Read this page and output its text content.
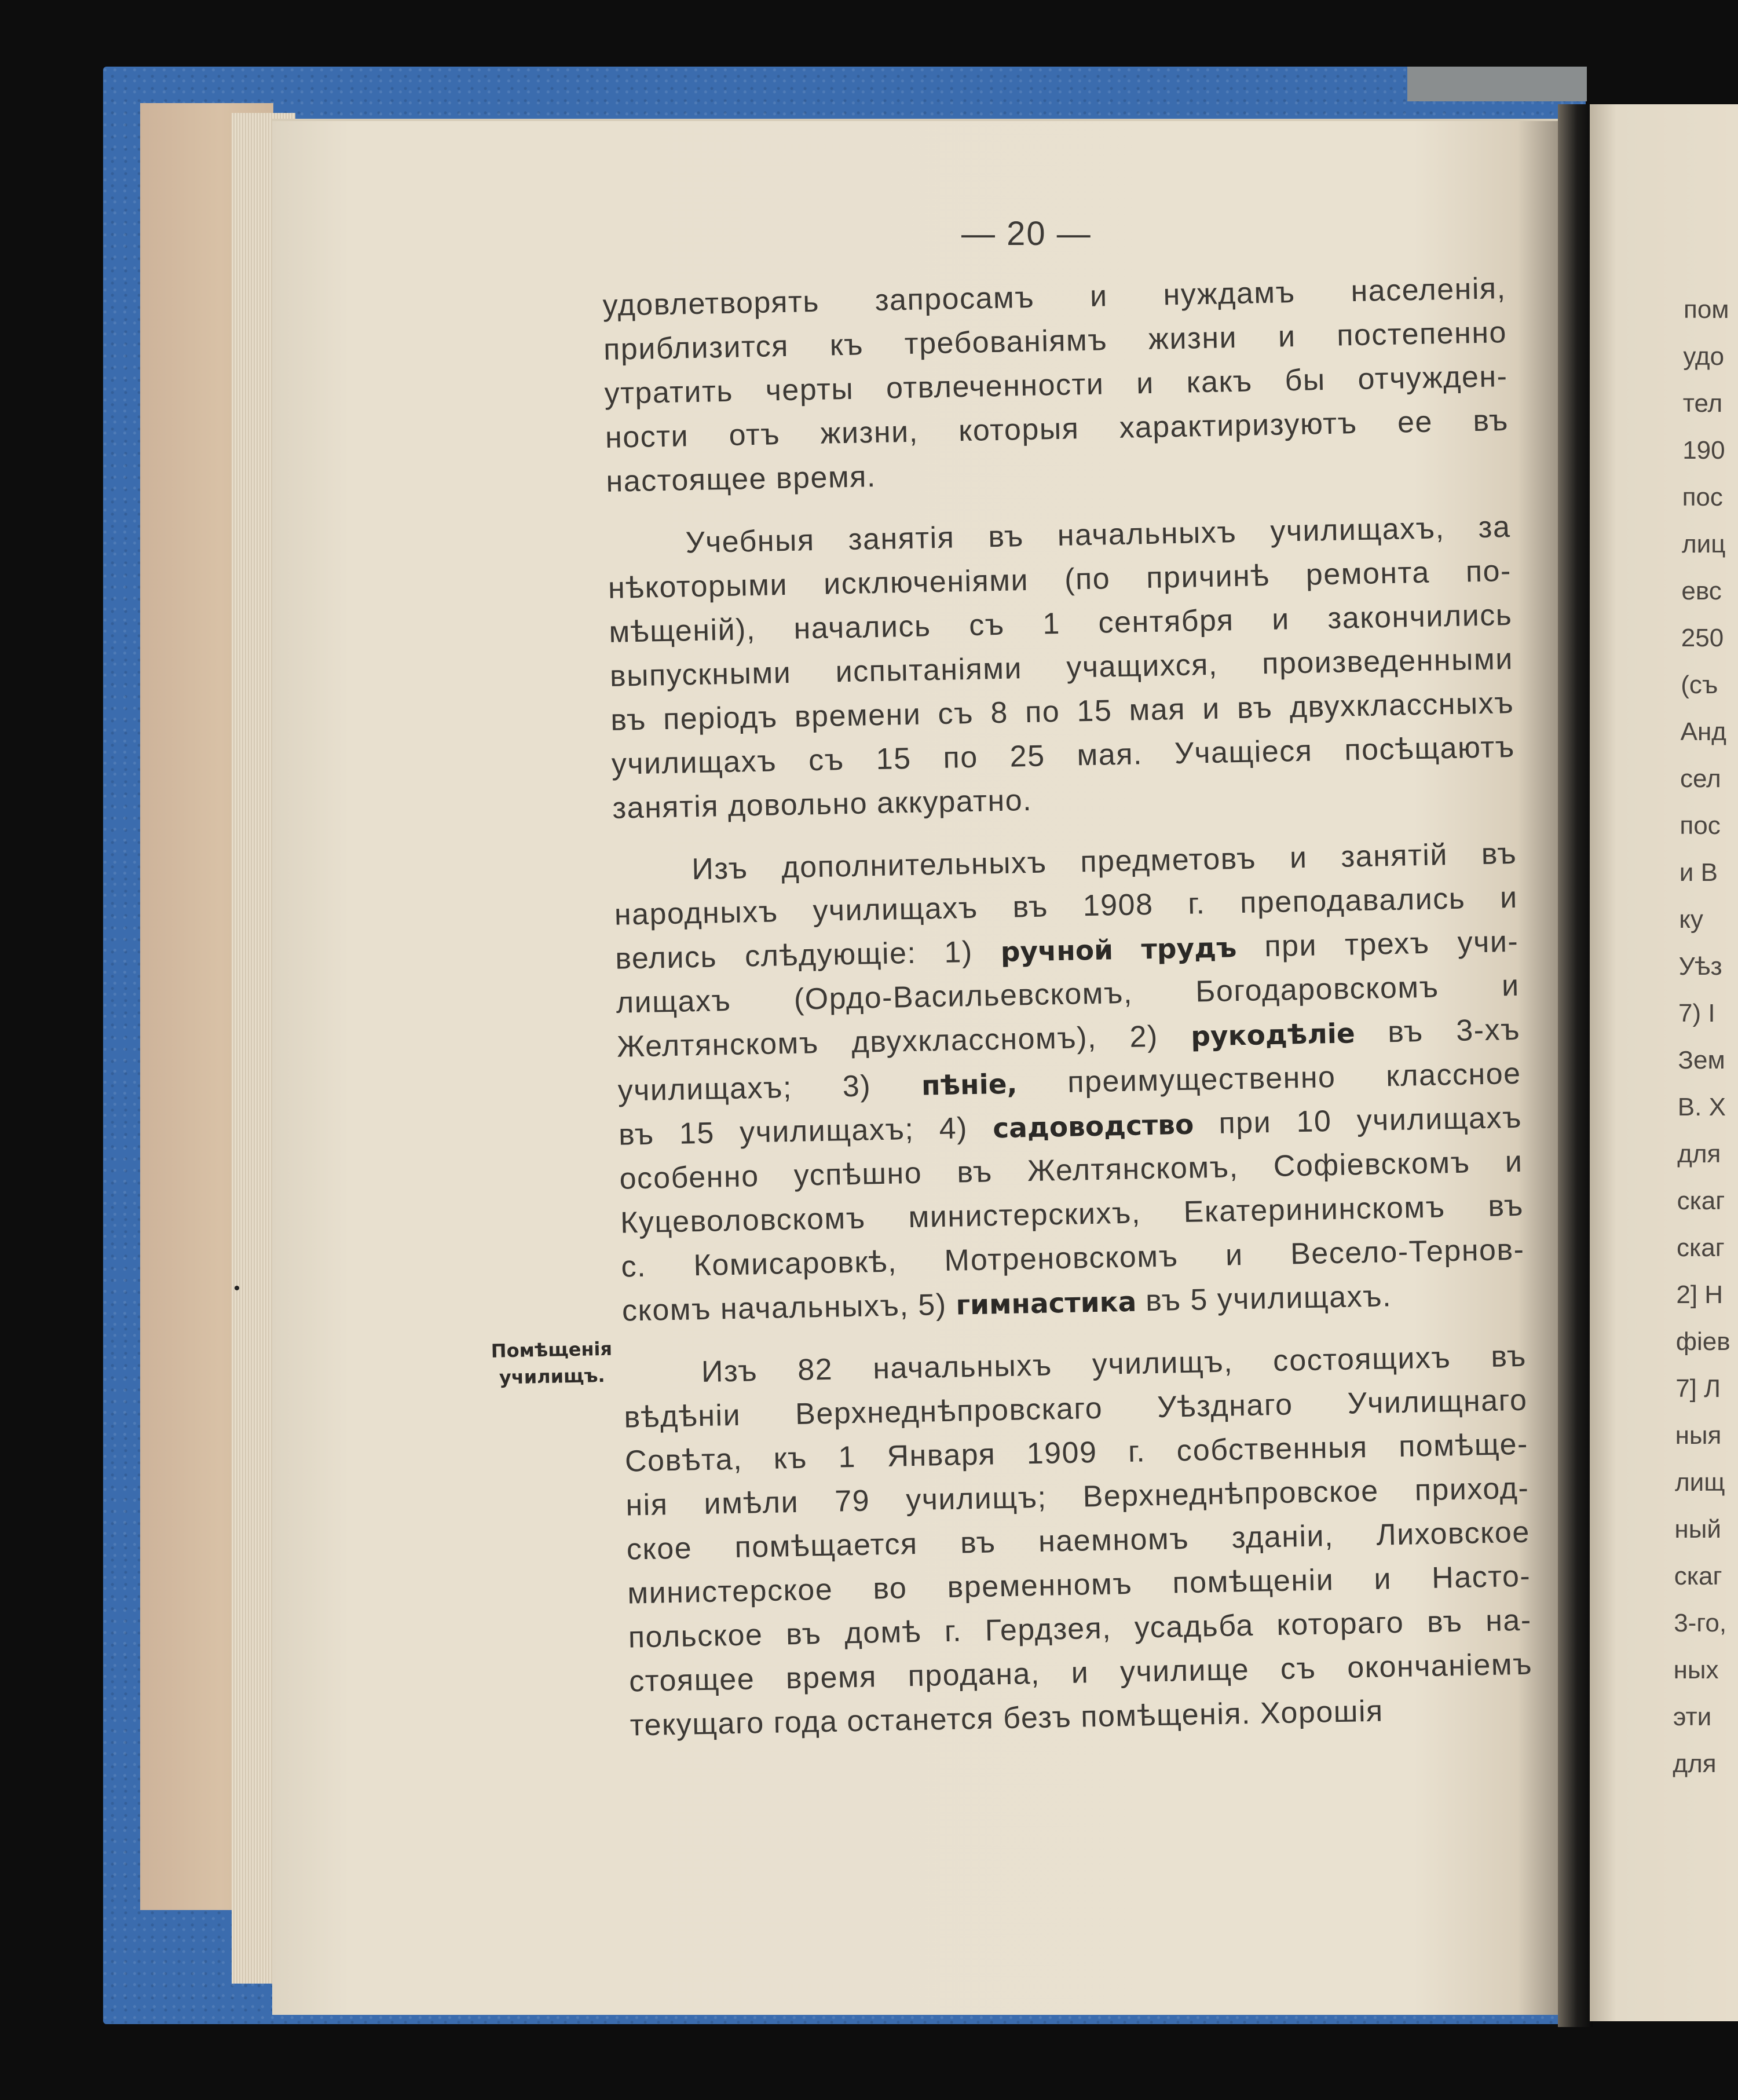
— 20 —
удовлетворять запросамъ и нуждамъ населенія,
приблизится къ требованіямъ жизни и постепенно
утратить черты отвлеченности и какъ бы отчужден-
ности отъ жизни, которыя характиризуютъ ее въ
настоящее время.
Учебныя занятія въ начальныхъ училищахъ, за
нѣкоторыми исключеніями (по причинѣ ремонта по-
мѣщеній), начались съ 1 сентября и закончились
выпускными испытаніями учащихся, произведенными
въ періодъ времени съ 8 по 15 мая и въ двухклассныхъ
училищахъ съ 15 по 25 мая. Учащіеся посѣщаютъ
занятія довольно аккуратно.
Изъ дополнительныхъ предметовъ и занятій въ
народныхъ училищахъ въ 1908 г. преподавались и
велись слѣдующіе: 1) ручной трудъ при трехъ учи-
лищахъ (Ордо-Васильевскомъ, Богодаровскомъ и
Желтянскомъ двухклассномъ), 2) рукодѣліе въ 3-хъ
училищахъ; 3) пѣніе, преимущественно классное
въ 15 училищахъ; 4) садоводство при 10 училищахъ
особенно успѣшно въ Желтянскомъ, Софіевскомъ и
Куцеволовскомъ министерскихъ, Екатерининскомъ въ
с. Комисаровкѣ, Мотреновскомъ и Весело-Тернов-
скомъ начальныхъ, 5) гимнастика въ 5 училищахъ.
Изъ 82 начальныхъ училищъ, состоящихъ въ
вѣдѣніи Верхнеднѣпровскаго Уѣзднаго Училищнаго
Совѣта, къ 1 Января 1909 г. собственныя помѣще-
нія имѣли 79 училищъ; Верхнеднѣпровское приход-
ское помѣщается въ наемномъ зданіи, Лиховское
министерское во временномъ помѣщеніи и Насто-
польское въ домѣ г. Гердзея, усадьба котораго въ на-
стоящее время продана, и училище съ окончаніемъ
текущаго года останется безъ помѣщенія. Хорошія
Помѣщенія
училищъ.
пом
удо
тел
190
пос
лиц
евс
250
(съ
Анд
сел
пос
и В
ку
Уѣз
7) І
Зем
В. Х
для
скаг
скаг
2] Н
фіев
7] Л
ныя
лищ
ный
скаг
3-го,
ных
эти
для
